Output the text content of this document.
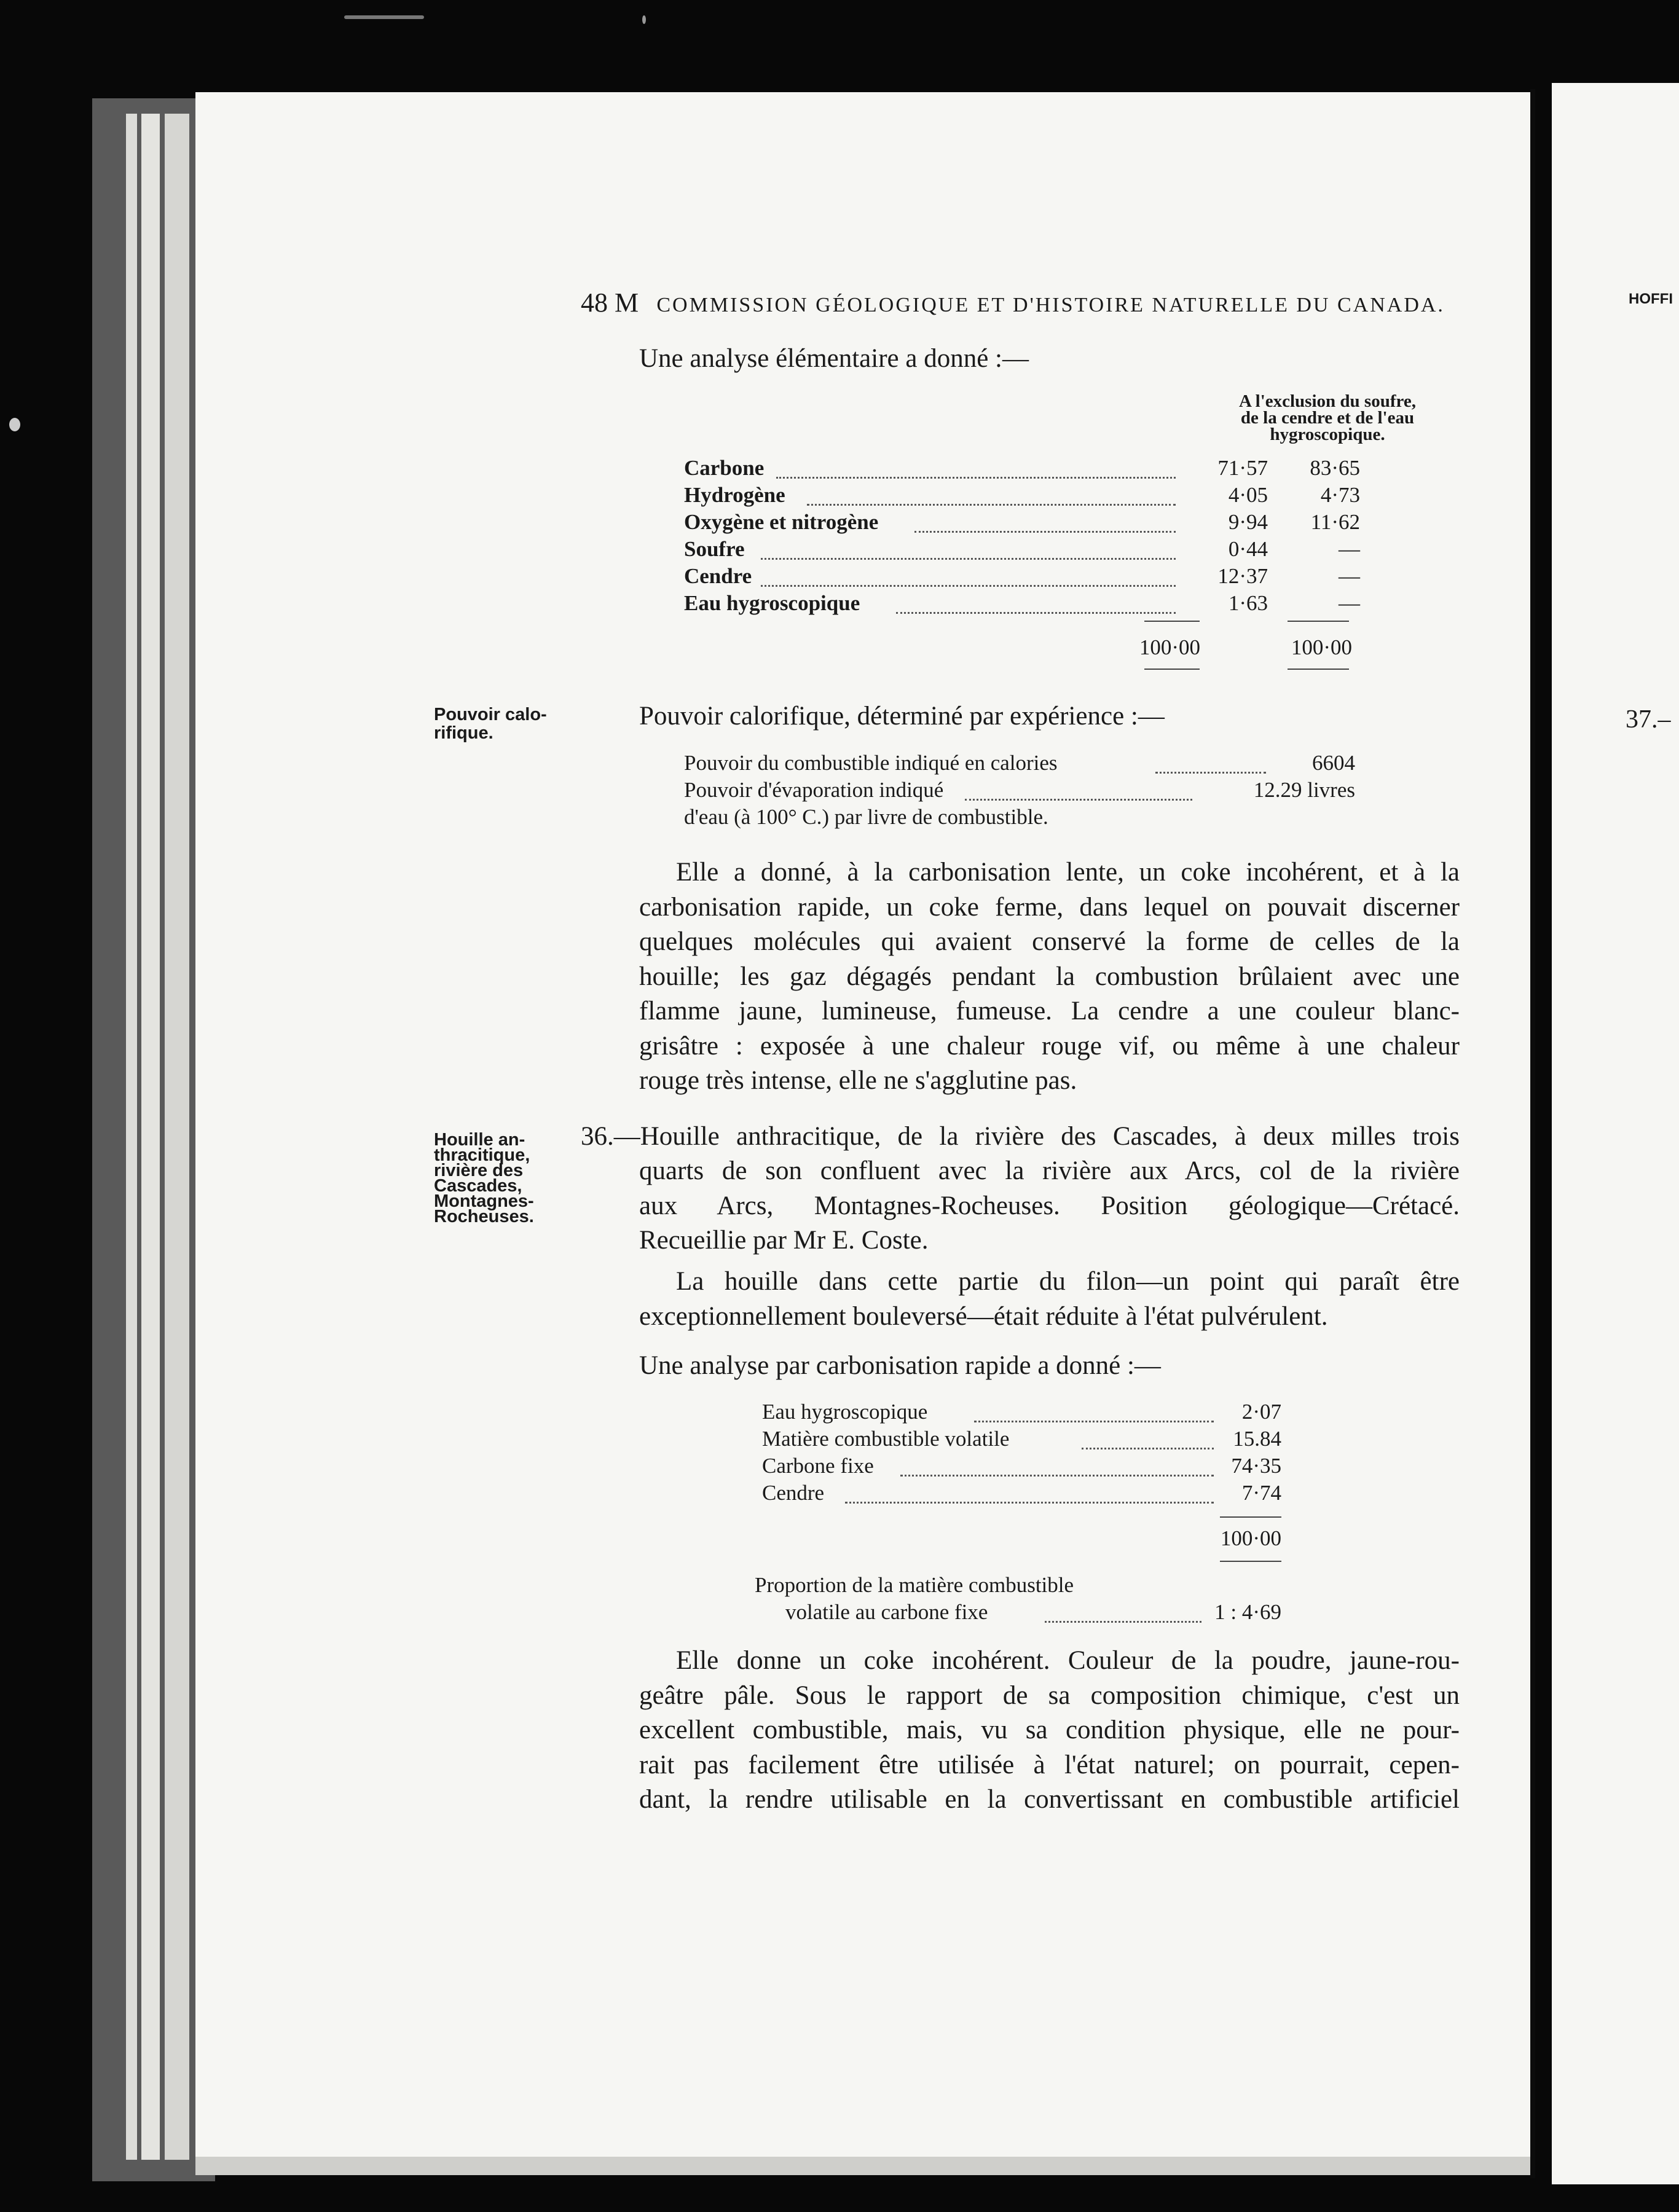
HOFFI
37.–
48 M COMMISSION GÉOLOGIQUE ET D'HISTOIRE NATURELLE DU CANADA.
Une analyse élémentaire a donné :—
A l'exclusion du soufre,
de la cendre et de l'eau
hygroscopique.
Carbone	71·57	83·65
Hydrogène	4·05	4·73
Oxygène et nitrogène	9·94	11·62
Soufre	0·44	—
Cendre	12·37	—
Eau hygroscopique	1·63	—
100·00	100·00
Pouvoir calo-
rifique.
Pouvoir calorifique, déterminé par expérience :—
Pouvoir du combustible indiqué en calories	6604
Pouvoir d'évaporation indiqué	12.29 livres
d'eau (à 100° C.) par livre de combustible.
Elle a donné, à la carbonisation lente, un coke incohérent, et à la
carbonisation rapide, un coke ferme, dans lequel on pouvait discerner
quelques molécules qui avaient conservé la forme de celles de la
houille; les gaz dégagés pendant la combustion brûlaient avec une
flamme jaune, lumineuse, fumeuse. La cendre a une couleur blanc-
grisâtre : exposée à une chaleur rouge vif, ou même à une chaleur
rouge très intense, elle ne s'agglutine pas.
Houille an-
thracitique,
rivière des
Cascades,
Montagnes-
Rocheuses.
36.—Houille anthracitique, de la rivière des Cascades, à deux milles trois
quarts de son confluent avec la rivière aux Arcs, col de la rivière
aux Arcs, Montagnes-Rocheuses. Position géologique—Crétacé.
Recueillie par Mr E. Coste.
La houille dans cette partie du filon—un point qui paraît être
exceptionnellement bouleversé—était réduite à l'état pulvérulent.
Une analyse par carbonisation rapide a donné :—
Eau hygroscopique	2·07
Matière combustible volatile	15.84
Carbone fixe	74·35
Cendre	7·74
100·00
Proportion de la matière combustible
volatile au carbone fixe	1 : 4·69
Elle donne un coke incohérent. Couleur de la poudre, jaune-rou-
geâtre pâle. Sous le rapport de sa composition chimique, c'est un
excellent combustible, mais, vu sa condition physique, elle ne pour-
rait pas facilement être utilisée à l'état naturel; on pourrait, cepen-
dant, la rendre utilisable en la convertissant en combustible artificiel
